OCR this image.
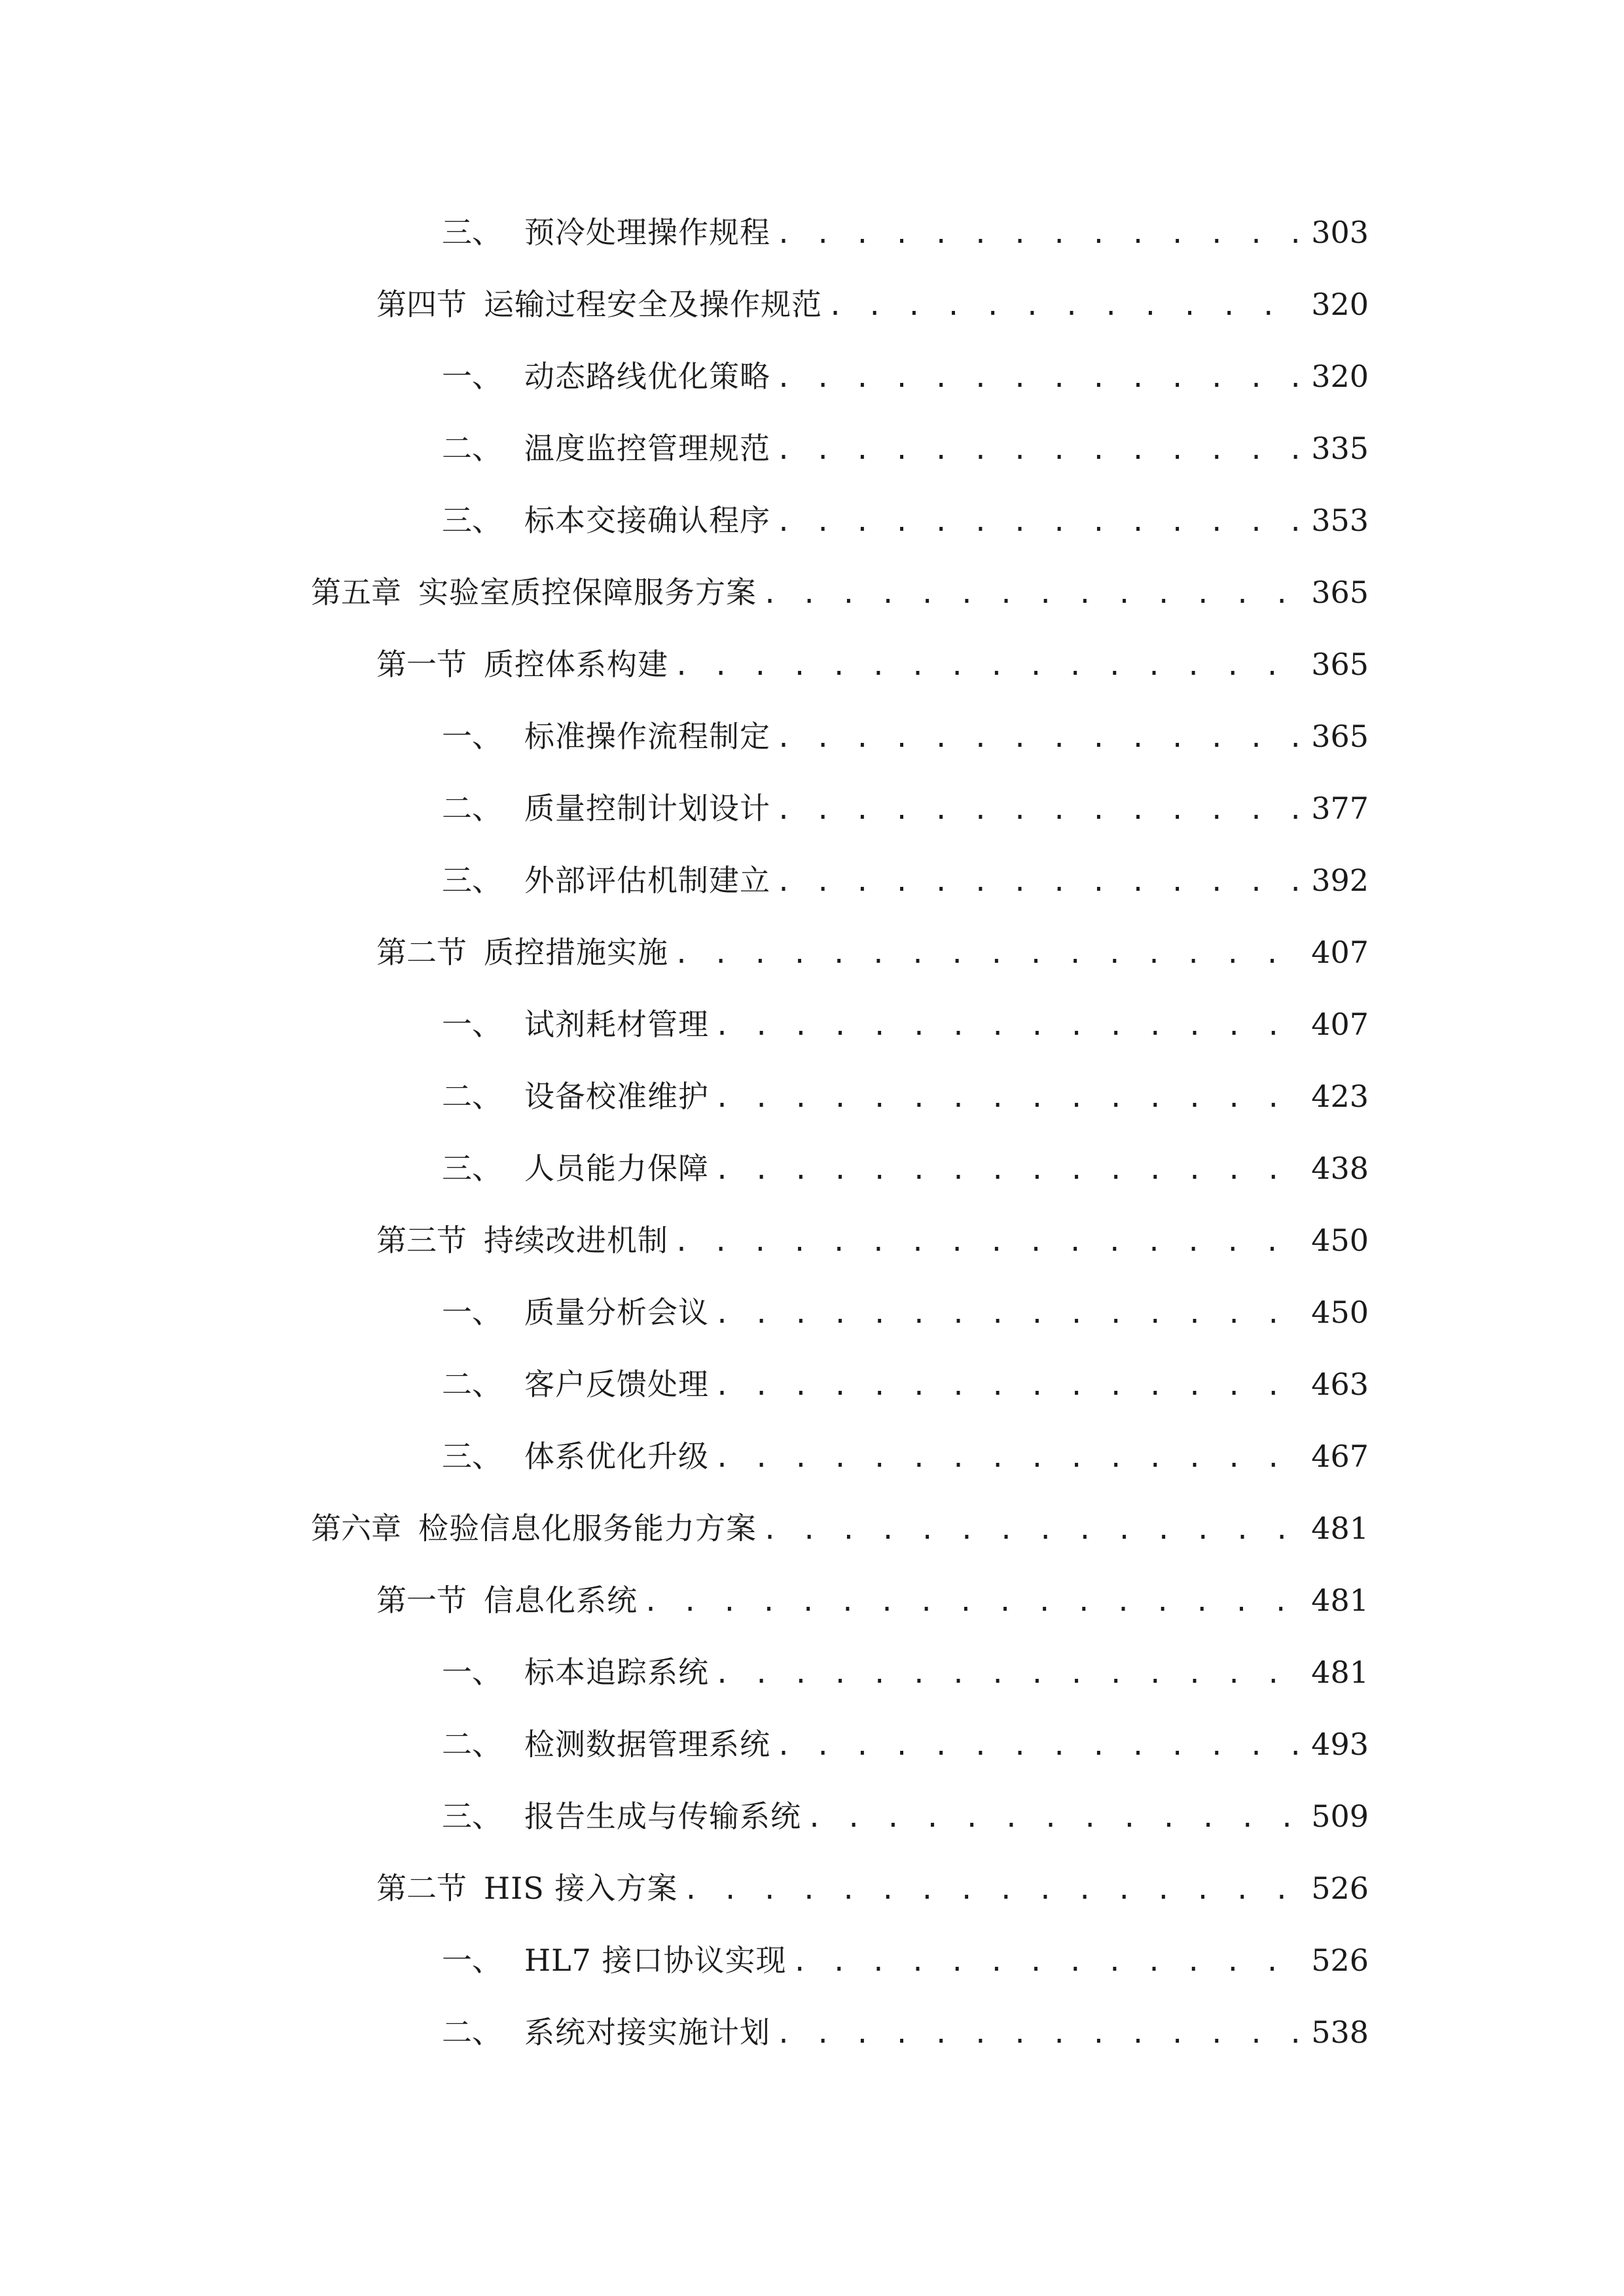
三、 预冷处理操作规程 . . .	303
第四节 运输过程安全及操作规范 . . .	320
一、 动态路线优化策略 . . .	320
二、 温度监控管理规范 . . .	335
三、 标本交接确认程序 . . .	353
第五章 实验室质控保障服务方案 . . .	365
第一节 质控体系构建 . . .	365
一、 标准操作流程制定 . . .	365
二、 质量控制计划设计 . . .	377
三、 外部评估机制建立 . . .	392
第二节 质控措施实施 . . .	407
一、 试剂耗材管理 . . .	407
二、 设备校准维护 . . .	423
三、 人员能力保障 . . .	438
第三节 持续改进机制 . . .	450
一、 质量分析会议 . . .	450
二、 客户反馈处理 . . .	463
三、 体系优化升级 . . .	467
第六章 检验信息化服务能力方案 . . .	481
第一节 信息化系统 . . .	481
一、 标本追踪系统 . . .	481
二、 检测数据管理系统 . . .	493
三、 报告生成与传输系统 . . .	509
第二节 HIS 接入方案 . . .	526
一、 HL7 接口协议实现 . . .	526
二、 系统对接实施计划 . . .	538
